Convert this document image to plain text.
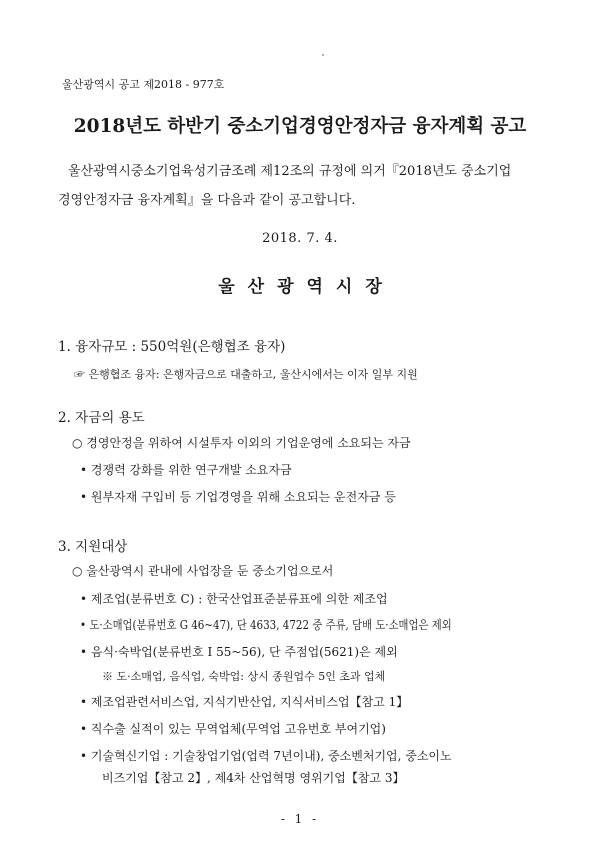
울산광역시 공고 제2018 - 977호
2018년도 하반기 중소기업경영안정자금 융자계획 공고
울산광역시중소기업육성기금조례 제12조의 규정에 의거『2018년도 중소기업
경영안정자금 융자계획』을 다음과 같이 공고합니다.
2018. 7. 4.
울산광역시장
1. 융자규모 : 550억원(은행협조 융자)
☞ 은행협조 융자: 은행자금으로 대출하고, 울산시에서는 이자 일부 지원
2. 자금의 용도
○ 경영안정을 위하여 시설투자 이외의 기업운영에 소요되는 자금
• 경쟁력 강화를 위한 연구개발 소요자금
• 원부자재 구입비 등 기업경영을 위해 소요되는 운전자금 등
3. 지원대상
○ 울산광역시 관내에 사업장을 둔 중소기업으로서
• 제조업(분류번호 C) : 한국산업표준분류표에 의한 제조업
• 도·소매업(분류번호 G 46~47), 단 4633, 4722 중 주류, 담배 도·소매업은 제외
• 음식·숙박업(분류번호 I 55~56), 단 주점업(5621)은 제외
※ 도·소매업, 음식업, 숙박업: 상시 종원업수 5인 초과 업체
• 제조업관련서비스업, 지식기반산업, 지식서비스업【참고 1】
• 직수출 실적이 있는 무역업체(무역업 고유번호 부여기업)
• 기술혁신기업 : 기술창업기업(업력 7년이내), 중소벤처기업, 중소이노
비즈기업【참고 2】, 제4차 산업혁명 영위기업【참고 3】
- 1 -
